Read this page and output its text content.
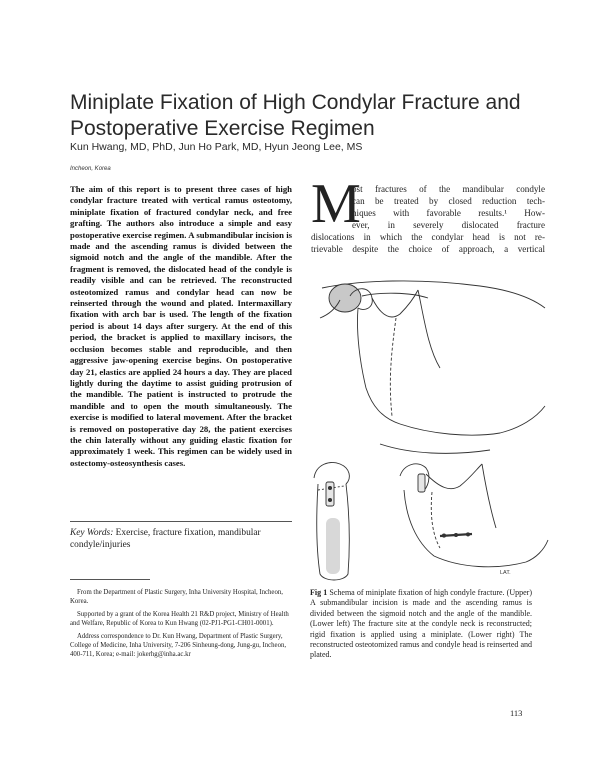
Miniplate Fixation of High Condylar Fracture and Postoperative Exercise Regimen
Kun Hwang, MD, PhD, Jun Ho Park, MD, Hyun Jeong Lee, MS
Incheon, Korea
The aim of this report is to present three cases of high condylar fracture treated with vertical ramus osteotomy, miniplate fixation of fractured condylar neck, and free grafting. The authors also introduce a simple and easy postoperative exercise regimen. A submandibular incision is made and the ascending ramus is divided between the sigmoid notch and the angle of the mandible. After the fragment is removed, the dislocated head of the condyle is readily visible and can be retrieved. The reconstructed osteotomized ramus and condylar head can now be reinserted through the wound and plated. Intermaxillary fixation with arch bar is used. The length of the fixation period is about 14 days after surgery. At the end of this period, the bracket is applied to maxillary incisors, the occlusion becomes stable and reproducible, and then aggressive jaw-opening exercise begins. On postoperative day 21, elastics are applied 24 hours a day. They are placed lightly during the daytime to assist guiding protrusion of the mandible. The patient is instructed to protrude the mandible and to open the mouth simultaneously. The exercise is modified to lateral movement. After the bracket is removed on postoperative day 28, the patient exercises the chin laterally without any guiding elastic fixation for approximately 1 week. This regimen can be widely used in ostectomy-osteosynthesis cases.
Key Words: Exercise, fracture fixation, mandibular condyle/injuries

From the Department of Plastic Surgery, Inha University Hospital, Incheon, Korea.

Supported by a grant of the Korea Health 21 R&D project, Ministry of Health and Welfare, Republic of Korea to Kun Hwang (02-PJ1-PG1-CH01-0001).

Address correspondence to Dr. Kun Hwang, Department of Plastic Surgery, College of Medicine, Inha University, 7-206 Sinheung-dong, Jung-gu, Incheon, 400-711, Korea; e-mail: jokerhg@inha.ac.kr

M
ost fractures of the mandibular condyle
can be treated by closed reduction tech-
niques with favorable results.¹ How-
ever, in severely dislocated fracture
dislocations in which the condylar head is not re-
trievable despite the choice of approach, a vertical
LAT.
Fig 1 Schema of miniplate fixation of high condyle fracture. (Upper) A submandibular incision is made and the ascending ramus is divided between the sigmoid notch and the angle of the mandible. (Lower left) The fracture site at the condyle neck is reconstructed; rigid fixation is applied using a miniplate. (Lower right) The reconstructed osteotomized ramus and condyle head is reinserted and plated.
113
